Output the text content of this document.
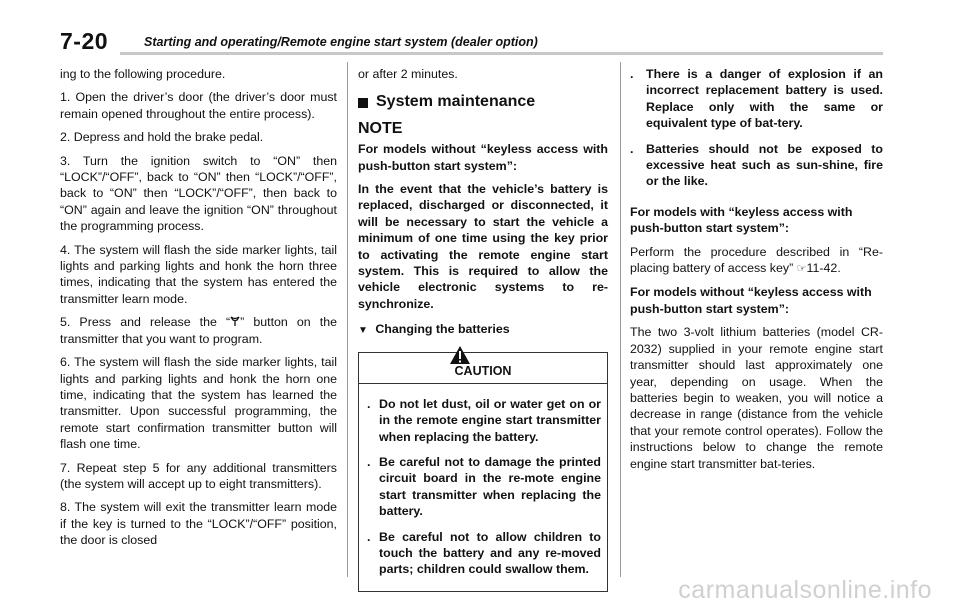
7-20	Starting and operating/Remote engine start system (dealer option)

ing to the following procedure.

1. Open the driver’s door (the driver’s door must remain opened throughout the entire process).

2. Depress and hold the brake pedal.

3. Turn the ignition switch to “ON” then “LOCK”/“OFF”, back to “ON” then “LOCK”/“OFF”, back to “ON” then “LOCK”/“OFF”, then back to “ON” again and leave the ignition “ON” throughout the programming process.

4. The system will flash the side marker lights, tail lights and parking lights and honk the horn three times, indicating that the system has entered the transmitter learn mode.

5. Press and release the “ ” button on the transmitter that you want to program.

6. The system will flash the side marker lights, tail lights and parking lights and honk the horn one time, indicating that the system has learned the transmitter. Upon successful programming, the remote start confirmation transmitter button will flash one time.

7. Repeat step 5 for any additional transmitters (the system will accept up to eight transmitters).

8. The system will exit the transmitter learn mode if the key is turned to the “LOCK”/“OFF” position, the door is closed

or after 2 minutes.
System maintenance
NOTE

For models without “keyless access with push-button start system”:

In the event that the vehicle’s battery is replaced, discharged or disconnected, it will be necessary to start the vehicle a minimum of one time using the key prior to activating the remote engine start system. This is required to allow the vehicle electronic systems to re-synchronize.

▼ Changing the batteries
CAUTION
. Do not let dust, oil or water get on or in the remote engine start transmitter when replacing the battery.
. Be careful not to damage the printed circuit board in the re-mote engine start transmitter when replacing the battery.
. Be careful not to allow children to touch the battery and any re-moved parts; children could swallow them.
.	There is a danger of explosion if an incorrect replacement battery is used. Replace only with the same or equivalent type of bat-tery.
.	Batteries should not be exposed to excessive heat such as sun-shine, fire or the like.
For models with “keyless access with push-button start system”:

Perform the procedure described in “Re-placing battery of access key” ☞11-42.

For models without “keyless access with push-button start system”:

The two 3-volt lithium batteries (model CR-2032) supplied in your remote engine start transmitter should last approximately one year, depending on usage. When the batteries begin to weaken, you will notice a decrease in range (distance from the vehicle that your remote control operates). Follow the instructions below to change the remote engine start transmitter bat-teries.

carmanualsonline.info
